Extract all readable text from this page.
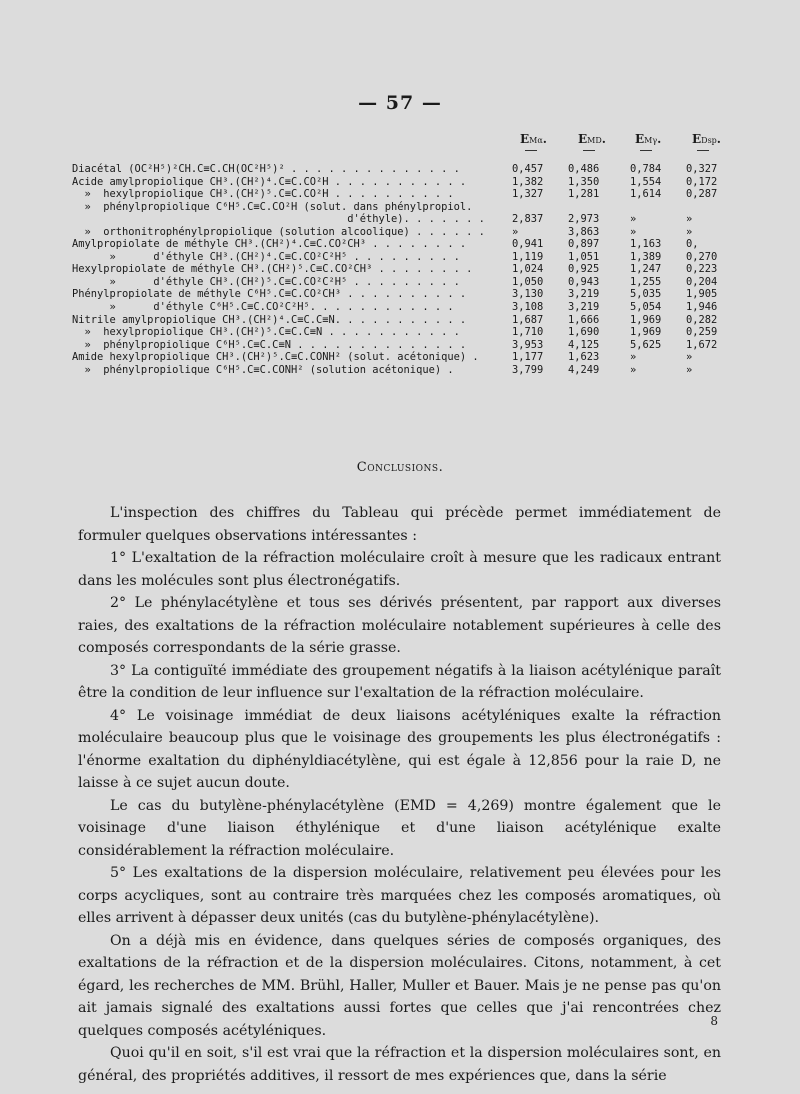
— 57 —
EMα.	EMD. EMγ.	EDsp.
Diacétal (OC²H⁵)²CH.C≡C.CH(OC²H⁵)² . . . . . . . . . . . . . .	0,457	0,486	0,784	0,327
Acide amylpropiolique CH³.(CH²)⁴.C≡C.CO²H . . . . . . . . . . .	1,382	1,350	1,554	0,172
»  hexylpropiolique CH³.(CH²)⁵.C≡C.CO²H . . . . . . . . . .	1,327	1,281	1,614	0,287
»  phénylpropiolique C⁶H⁵.C≡C.CO²H (solut. dans phénylpropiol.				
d'éthyle). . . . . . .	2,837	2,973	»	»
»  orthonitrophénylpropiolique (solution alcoolique) . . . . . .	»	3,863	»	»
Amylpropiolate de méthyle CH³.(CH²)⁴.C≡C.CO²CH³ . . . . . . . .	0,941	0,897	1,163	0,
»      d'éthyle CH³.(CH²)⁴.C≡C.CO²C²H⁵ . . . . . . . . .	1,119	1,051	1,389	0,270
Hexylpropiolate de méthyle CH³.(CH²)⁵.C≡C.CO²CH³ . . . . . . . .	1,024	0,925	1,247	0,223
»      d'éthyle CH³.(CH²)⁵.C≡C.CO²C²H⁵ . . . . . . . . .	1,050	0,943	1,255	0,204
Phénylpropiolate de méthyle C⁶H⁵.C≡C.CO²CH³ . . . . . . . . . .	3,130	3,219	5,035	1,905
»      d'éthyle C⁶H⁵.C≡C.CO²C²H⁵. . . . . . . . . . . .	3,108	3,219	5,054	1,946
Nitrile amylpropiolique CH³.(CH²)⁴.C≡C.C≡N. . . . . . . . . . .	1,687	1,666	1,969	0,282
»  hexylpropiolique CH³.(CH²)⁵.C≡C.C≡N . . . . . . . . . . .	1,710	1,690	1,969	0,259
»  phénylpropiolique C⁶H⁵.C≡C.C≡N . . . . . . . . . . . . . .	3,953	4,125	5,625	1,672
Amide hexylpropiolique CH³.(CH²)⁵.C≡C.CONH² (solut. acétonique) .	1,177	1,623	»	»
»  phénylpropiolique C⁶H⁵.C≡C.CONH² (solution acétonique) .	3,799	4,249	»	»
Conclusions.

L'inspection des chiffres du Tableau qui précède permet immédiatement de formuler quelques observations intéressantes :

1° L'exaltation de la réfraction moléculaire croît à mesure que les radicaux entrant dans les molécules sont plus électronégatifs.

2° Le phénylacétylène et tous ses dérivés présentent, par rapport aux diverses raies, des exaltations de la réfraction moléculaire notablement supérieures à celle des composés correspondants de la série grasse.

3° La contiguïté immédiate des groupement négatifs à la liaison acétylénique paraît être la condition de leur influence sur l'exaltation de la réfraction moléculaire.

4° Le voisinage immédiat de deux liaisons acétyléniques exalte la réfraction moléculaire beaucoup plus que le voisinage des groupements les plus électronégatifs : l'énorme exaltation du diphényldiacétylène, qui est égale à 12,856 pour la raie D, ne laisse à ce sujet aucun doute.

Le cas du butylène-phénylacétylène (EMD = 4,269) montre également que le voisinage d'une liaison éthylénique et d'une liaison acétylénique exalte considérablement la réfraction moléculaire.

5° Les exaltations de la dispersion moléculaire, relativement peu élevées pour les corps acycliques, sont au contraire très marquées chez les composés aromatiques, où elles arrivent à dépasser deux unités (cas du butylène-phénylacétylène).

On a déjà mis en évidence, dans quelques séries de composés organiques, des exaltations de la réfraction et de la dispersion moléculaires. Citons, notamment, à cet égard, les recherches de MM. Brühl, Haller, Muller et Bauer. Mais je ne pense pas qu'on ait jamais signalé des exaltations aussi fortes que celles que j'ai rencontrées chez quelques composés acétyléniques.

Quoi qu'il en soit, s'il est vrai que la réfraction et la dispersion moléculaires sont, en général, des propriétés additives, il ressort de mes expériences que, dans la série

8
